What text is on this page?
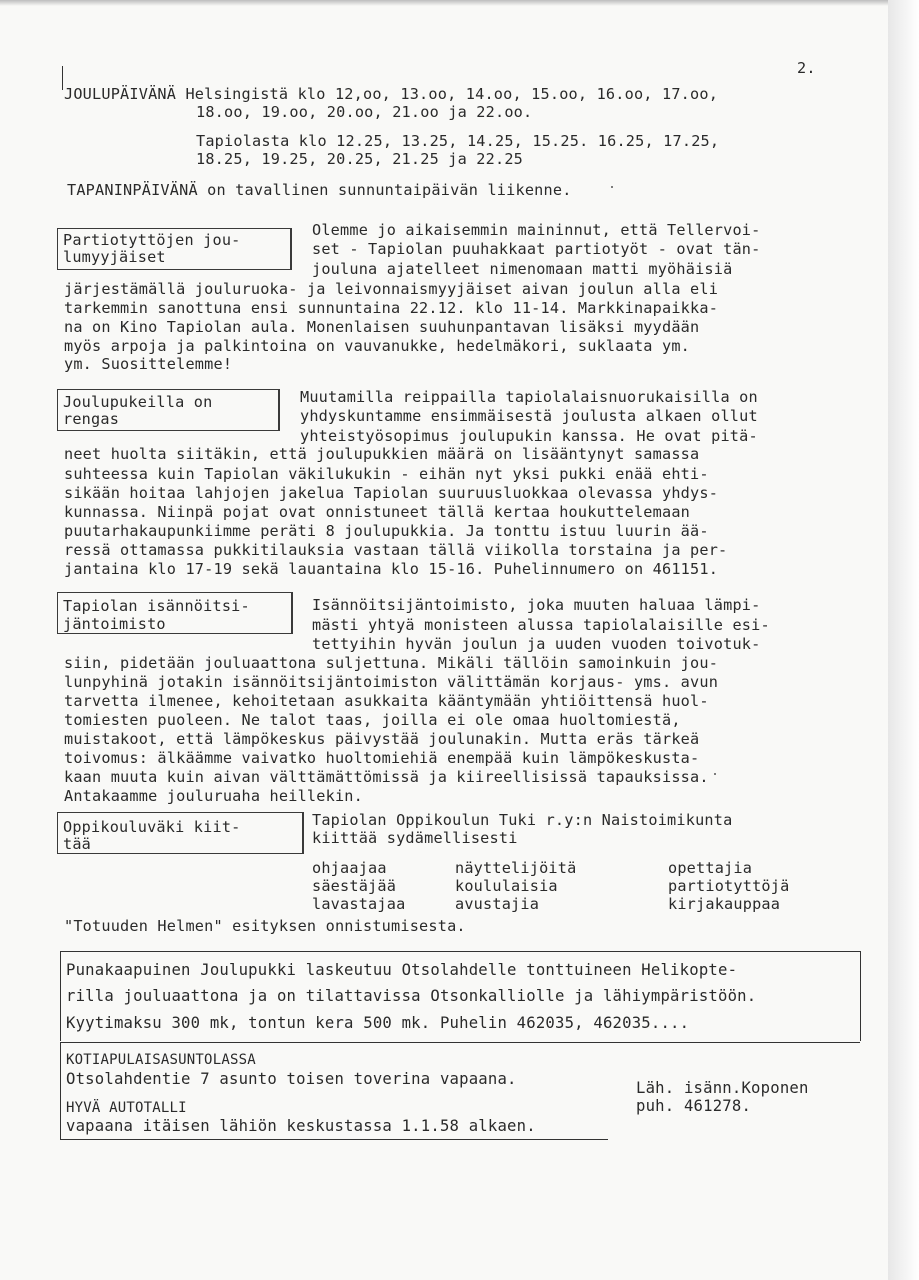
2.
JOULUPÄIVÄNÄ Helsingistä klo 12,oo, 13.oo, 14.oo, 15.oo, 16.oo, 17.oo,
18.oo, 19.oo, 20.oo, 21.oo ja 22.oo.
Tapiolasta klo 12.25, 13.25, 14.25, 15.25. 16.25, 17.25,
18.25, 19.25, 20.25, 21.25 ja 22.25
TAPANINPÄIVÄNÄ on tavallinen sunnuntaipäivän liikenne.
Partiotyttöjen jou-
lumyyjäiset
Olemme jo aikaisemmin maininnut, että Tellervoi-
set - Tapiolan puuhakkaat partiotyöt - ovat tän-
jouluna ajatelleet nimenomaan matti myöhäisiä
järjestämällä jouluruoka- ja leivonnaismyyjäiset aivan joulun alla eli
tarkemmin sanottuna ensi sunnuntaina 22.12. klo 11-14. Markkinapaikka-
na on Kino Tapiolan aula. Monenlaisen suuhunpantavan lisäksi myydään
myös arpoja ja palkintoina on vauvanukke, hedelmäkori, suklaata ym.
ym. Suosittelemme!
Joulupukeilla on
rengas
Muutamilla reippailla tapiolalaisnuorukaisilla on
yhdyskuntamme ensimmäisestä joulusta alkaen ollut
yhteistyösopimus joulupukin kanssa. He ovat pitä-
neet huolta siitäkin, että joulupukkien määrä on lisääntynyt samassa
suhteessa kuin Tapiolan väkilukukin - eihän nyt yksi pukki enää ehti-
sikään hoitaa lahjojen jakelua Tapiolan suuruusluokkaa olevassa yhdys-
kunnassa. Niinpä pojat ovat onnistuneet tällä kertaa houkuttelemaan
puutarhakaupunkiimme peräti 8 joulupukkia. Ja tonttu istuu luurin ää-
ressä ottamassa pukkitilauksia vastaan tällä viikolla torstaina ja per-
jantaina klo 17-19 sekä lauantaina klo 15-16. Puhelinnumero on 461151.
Tapiolan isännöitsi-
jäntoimisto
Isännöitsijäntoimisto, joka muuten haluaa lämpi-
mästi yhtyä monisteen alussa tapiolalaisille esi-
tettyihin hyvän joulun ja uuden vuoden toivotuk-
siin, pidetään jouluaattona suljettuna. Mikäli tällöin samoinkuin jou-
lunpyhinä jotakin isännöitsijäntoimiston välittämän korjaus- yms. avun
tarvetta ilmenee, kehoitetaan asukkaita kääntymään yhtiöittensä huol-
tomiesten puoleen. Ne talot taas, joilla ei ole omaa huoltomiestä,
muistakoot, että lämpökeskus päivystää joulunakin. Mutta eräs tärkeä
toivomus: älkäämme vaivatko huoltomiehiä enempää kuin lämpökeskusta-
kaan muuta kuin aivan välttämättömissä ja kiireellisissä tapauksissa.
Antakaamme jouluruaha heillekin.
Oppikouluväki kiit-
tää
Tapiolan Oppikoulun Tuki r.y:n Naistoimikunta
kiittää sydämellisesti
ohjaajaa
säestäjää
lavastajaa
näyttelijöitä
koululaisia
avustajia
opettajia
partiotyttöjä
kirjakauppaa
"Totuuden Helmen" esityksen onnistumisesta.
Punakaapuinen Joulupukki laskeutuu Otsolahdelle tonttuineen Helikopte-
rilla jouluaattona ja on tilattavissa Otsonkalliolle ja lähiympäristöön.
Kyytimaksu 300 mk, tontun kera 500 mk. Puhelin 462035, 462035....
KOTIAPULAISASUNTOLASSA
Otsolahdentie 7 asunto toisen toverina vapaana.
HYVÄ AUTOTALLI
vapaana itäisen lähiön keskustassa 1.1.58 alkaen.
Läh. isänn.Koponen
puh. 461278.
